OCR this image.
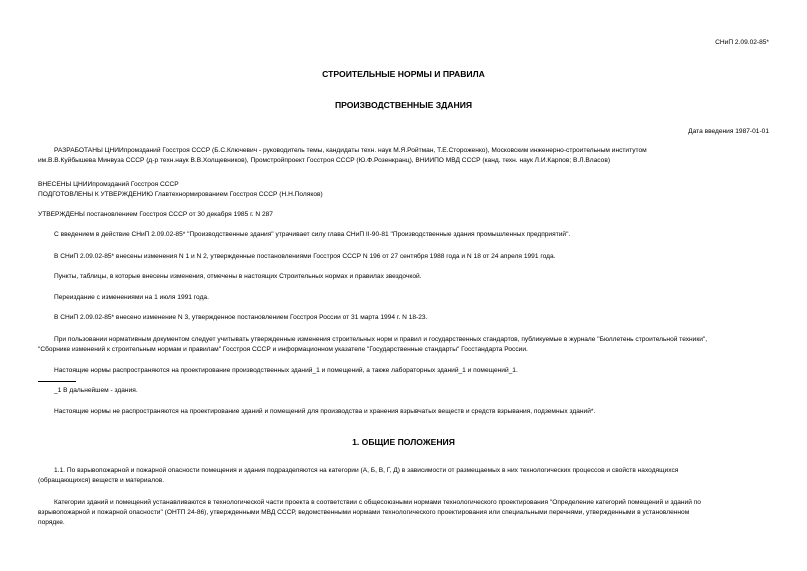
СНиП 2.09.02-85*

СТРОИТЕЛЬНЫЕ НОРМЫ И ПРАВИЛА

ПРОИЗВОДСТВЕННЫЕ ЗДАНИЯ

Дата введения 1987-01-01

РАЗРАБОТАНЫ ЦНИИпромзданий Госстроя СССР (Б.С.Ключевич - руководитель темы, кандидаты техн. наук М.Я.Ройтман, Т.Е.Стороженко), Московским инженерно-строительным институтом

им.В.В.Куйбышева Минвуза СССР (д-р техн.наук В.В.Холщевников), Промстройпроект Госстроя СССР (Ю.Ф.Розенкранц), ВНИИПО МВД СССР (канд. техн. наук Л.И.Карпов; В.Л.Власов)

ВНЕСЕНЫ ЦНИИпромзданий Госстроя СССР

ПОДГОТОВЛЕНЫ К УТВЕРЖДЕНИЮ Главтехнормированием Госстроя СССР (Н.Н.Поляков)

УТВЕРЖДЕНЫ постановлением Госстроя СССР от 30 декабря 1985 г. N 287

С введением в действие СНиП 2.09.02-85* "Производственные здания" утрачивает силу глава СНиП II-90-81 "Производственные здания промышленных предприятий".

В СНиП 2.09.02-85* внесены изменения N 1 и N 2, утвержденные постановлениями Госстроя СССР N 196 от 27 сентября 1988 года и N 18 от 24 апреля 1991 года.

Пункты, таблицы, в которые внесены изменения, отмечены в настоящих Строительных нормах и правилах звездочкой.

Переиздание с изменениями на 1 июля 1991 года.

В СНиП 2.09.02-85* внесено изменение N 3, утвержденное постановлением Госстроя России от 31 марта 1994 г. N 18-23.

При пользовании нормативным документом следует учитывать утвержденные изменения строительных норм и правил и государственных стандартов, публикуемые в журнале "Бюллетень строительной техники",

"Сборнике изменений к строительным нормам и правилам" Госстроя СССР и информационном указателе "Государственные стандарты" Госстандарта России.

Настоящие нормы распространяются на проектирование производственных зданий_1 и помещений, а также лабораторных зданий_1 и помещений_1.

_1 В дальнейшем - здания.

Настоящие нормы не распространяются на проектирование зданий и помещений для производства и хранения взрывчатых веществ и средств взрывания, подземных зданий*.

1. ОБЩИЕ ПОЛОЖЕНИЯ

1.1. По взрывопожарной и пожарной опасности помещения и здания подразделяются на категории (А, Б, В, Г, Д) в зависимости от размещаемых в них технологических процессов и свойств находящихся

(обращающихся) веществ и материалов.

Категории зданий и помещений устанавливаются в технологической части проекта в соответствии с общесоюзными нормами технологического проектирования "Определение категорий помещений и зданий по

взрывопожарной и пожарной опасности" (ОНТП 24-86), утвержденными МВД СССР, ведомственными нормами технологического проектирования или специальными перечнями, утвержденными в установленном

порядке.
